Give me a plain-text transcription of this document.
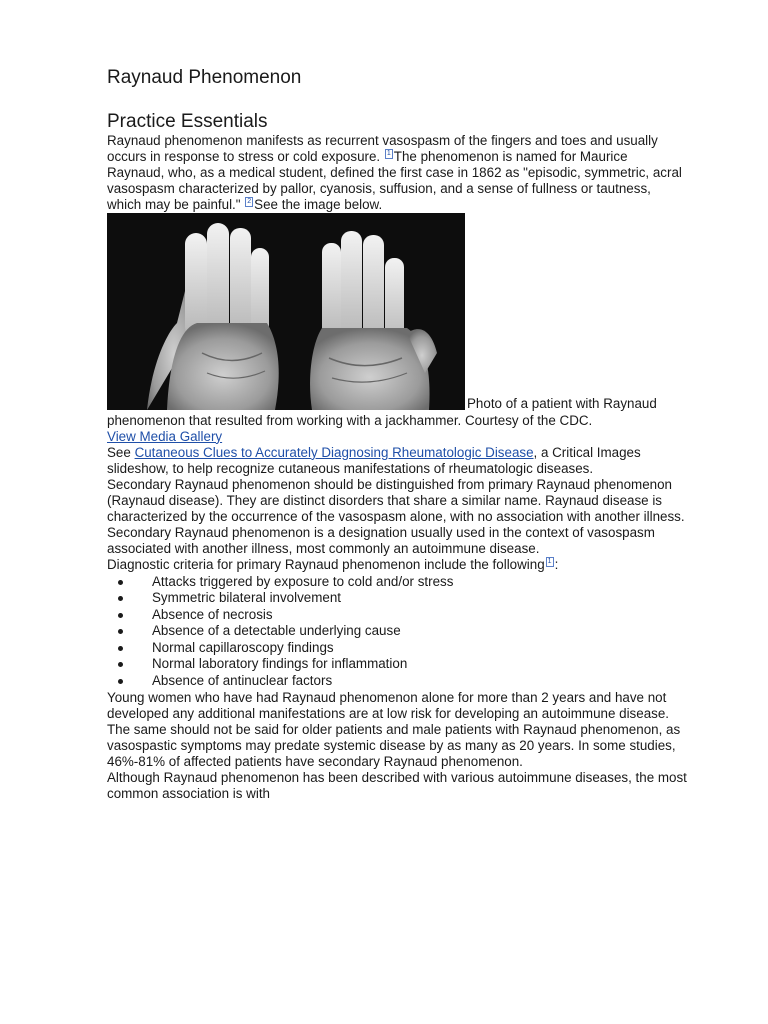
Raynaud Phenomenon
Practice Essentials

Raynaud phenomenon manifests as recurrent vasospasm of the fingers and toes and usually occurs in response to stress or cold exposure. 1 The phenomenon is named for Maurice Raynaud, who, as a medical student, defined the first case in 1862 as "episodic, symmetric, acral vasospasm characterized by pallor, cyanosis, suffusion, and a sense of fullness or tautness, which may be painful." 2 See the image below.

Photo of a patient with Raynaud phenomenon that resulted from working with a jackhammer. Courtesy of the CDC.

View Media Gallery

See Cutaneous Clues to Accurately Diagnosing Rheumatologic Disease, a Critical Images slideshow, to help recognize cutaneous manifestations of rheumatologic diseases.

Secondary Raynaud phenomenon should be distinguished from primary Raynaud phenomenon (Raynaud disease). They are distinct disorders that share a similar name. Raynaud disease is characterized by the occurrence of the vasospasm alone, with no association with another illness. Secondary Raynaud phenomenon is a designation usually used in the context of vasospasm associated with another illness, most commonly an autoimmune disease.

Diagnostic criteria for primary Raynaud phenomenon include the following 1 :

Attacks triggered by exposure to cold and/or stress
Symmetric bilateral involvement
Absence of necrosis
Absence of a detectable underlying cause
Normal capillaroscopy findings
Normal laboratory findings for inflammation
Absence of antinuclear factors

Young women who have had Raynaud phenomenon alone for more than 2 years and have not developed any additional manifestations are at low risk for developing an autoimmune disease. The same should not be said for older patients and male patients with Raynaud phenomenon, as vasospastic symptoms may predate systemic disease by as many as 20 years. In some studies, 46%-81% of affected patients have secondary Raynaud phenomenon.

Although Raynaud phenomenon has been described with various autoimmune diseases, the most common association is with
